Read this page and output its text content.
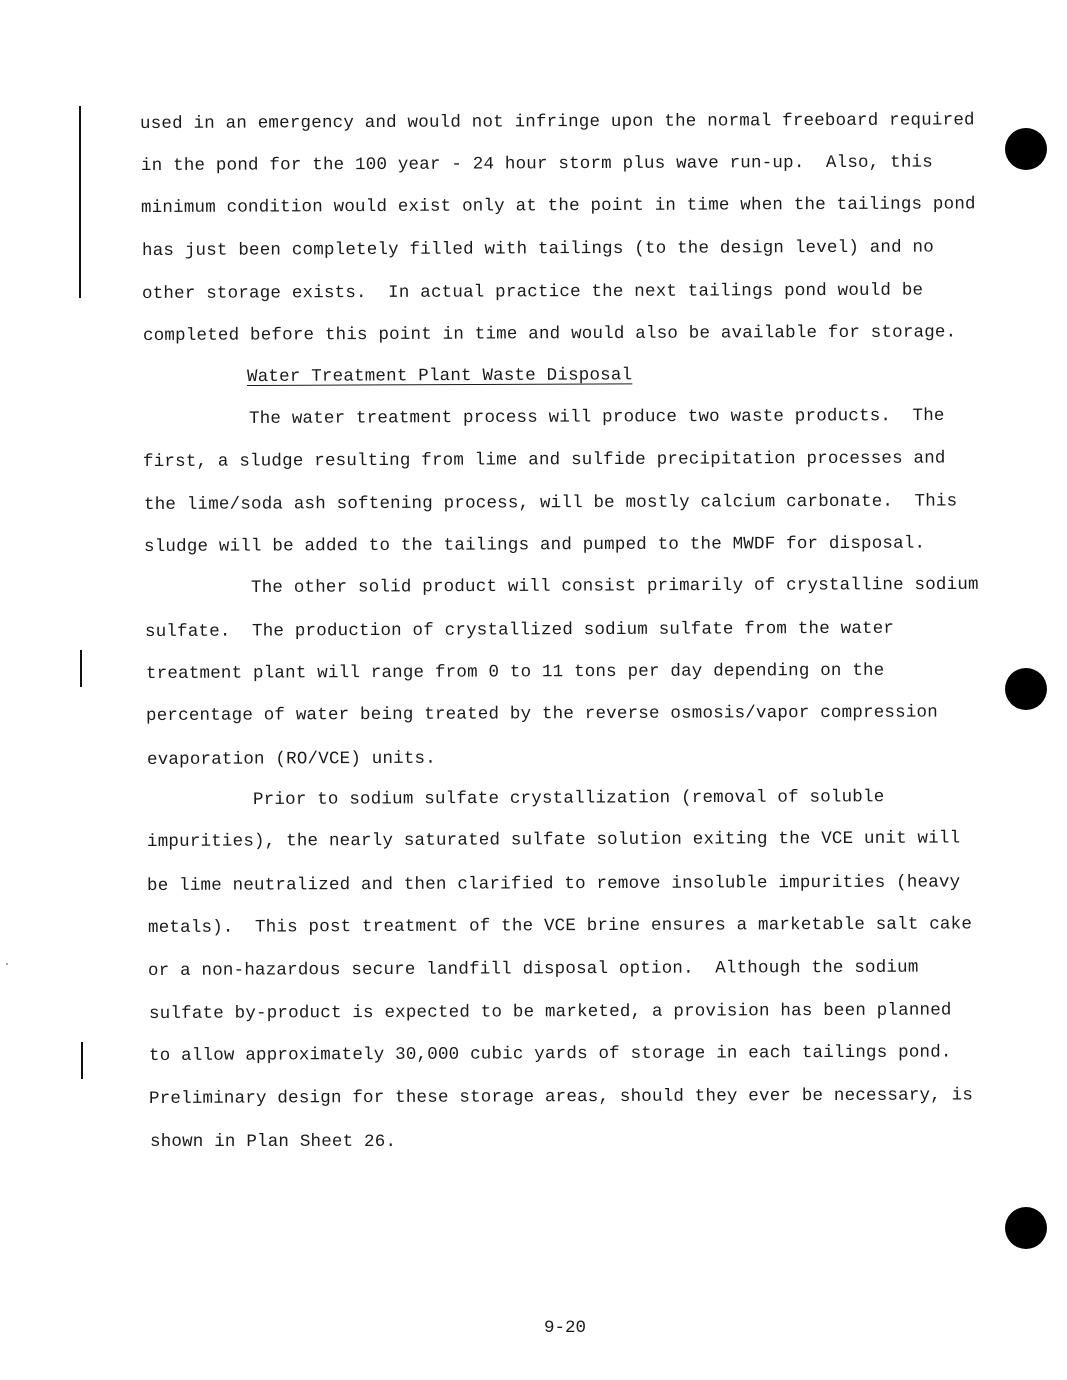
used in an emergency and would not infringe upon the normal freeboard required
in the pond for the 100 year - 24 hour storm plus wave run-up.  Also, this
minimum condition would exist only at the point in time when the tailings pond
has just been completely filled with tailings (to the design level) and no
other storage exists.  In actual practice the next tailings pond would be
completed before this point in time and would also be available for storage.
Water Treatment Plant Waste Disposal
The water treatment process will produce two waste products.  The
first, a sludge resulting from lime and sulfide precipitation processes and
the lime/soda ash softening process, will be mostly calcium carbonate.  This
sludge will be added to the tailings and pumped to the MWDF for disposal.
The other solid product will consist primarily of crystalline sodium
sulfate.  The production of crystallized sodium sulfate from the water
treatment plant will range from 0 to 11 tons per day depending on the
percentage of water being treated by the reverse osmosis/vapor compression
evaporation (RO/VCE) units.
Prior to sodium sulfate crystallization (removal of soluble
impurities), the nearly saturated sulfate solution exiting the VCE unit will
be lime neutralized and then clarified to remove insoluble impurities (heavy
metals).  This post treatment of the VCE brine ensures a marketable salt cake
or a non-hazardous secure landfill disposal option.  Although the sodium
sulfate by-product is expected to be marketed, a provision has been planned
to allow approximately 30,000 cubic yards of storage in each tailings pond.
Preliminary design for these storage areas, should they ever be necessary, is
shown in Plan Sheet 26.
9-20
